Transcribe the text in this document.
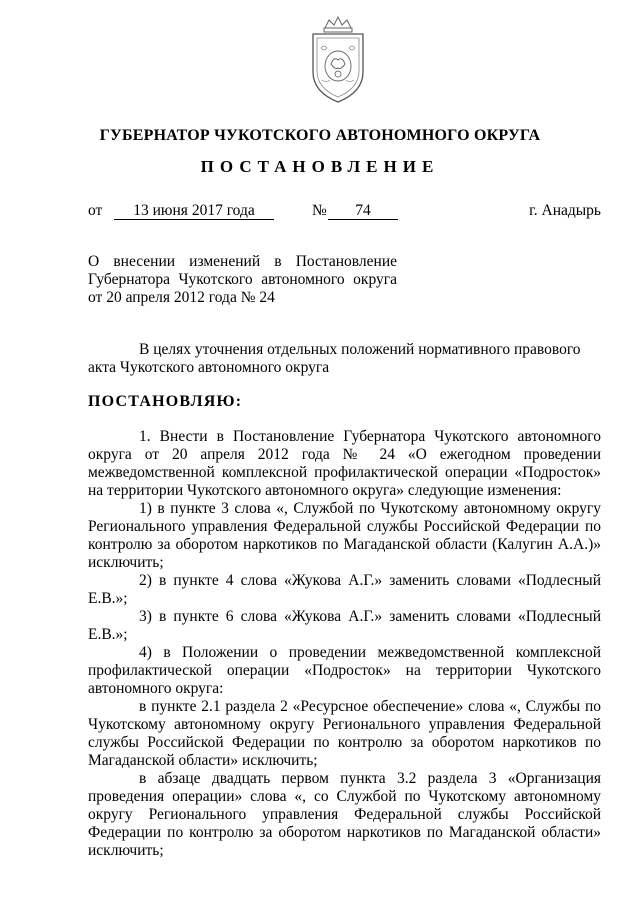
ГУБЕРНАТОР ЧУКОТСКОГО АВТОНОМНОГО ОКРУГА
ПОСТАНОВЛЕНИЕ
от	13 июня 2017 года	№	74	г. Анадырь
О внесении изменений в Постановление
Губернатора Чукотского автономного округа
от 20 апреля 2012 года № 24
В целях уточнения отдельных положений нормативного правового акта Чукотского автономного округа
ПОСТАНОВЛЯЮ:

1. Внести в Постановление Губернатора Чукотского автономного округа от 20 апреля 2012 года № 24 «О ежегодном проведении межведомственной комплексной профилактической операции «Подросток» на территории Чукотского автономного округа» следующие изменения:

1) в пункте 3 слова «, Службой по Чукотскому автономному округу Регионального управления Федеральной службы Российской Федерации по контролю за оборотом наркотиков по Магаданской области (Калугин А.А.)» исключить;

2) в пункте 4 слова «Жукова А.Г.» заменить словами «Подлесный Е.В.»;

3) в пункте 6 слова «Жукова А.Г.» заменить словами «Подлесный Е.В.»;

4) в Положении о проведении межведомственной комплексной профилактической операции «Подросток» на территории Чукотского автономного округа:

в пункте 2.1 раздела 2 «Ресурсное обеспечение» слова «, Службы по Чукотскому автономному округу Регионального управления Федеральной службы Российской Федерации по контролю за оборотом наркотиков по Магаданской области» исключить;

в абзаце двадцать первом пункта 3.2 раздела 3 «Организация проведения операции» слова «, со Службой по Чукотскому автономному округу Регионального управления Федеральной службы Российской Федерации по контролю за оборотом наркотиков по Магаданской области» исключить;
